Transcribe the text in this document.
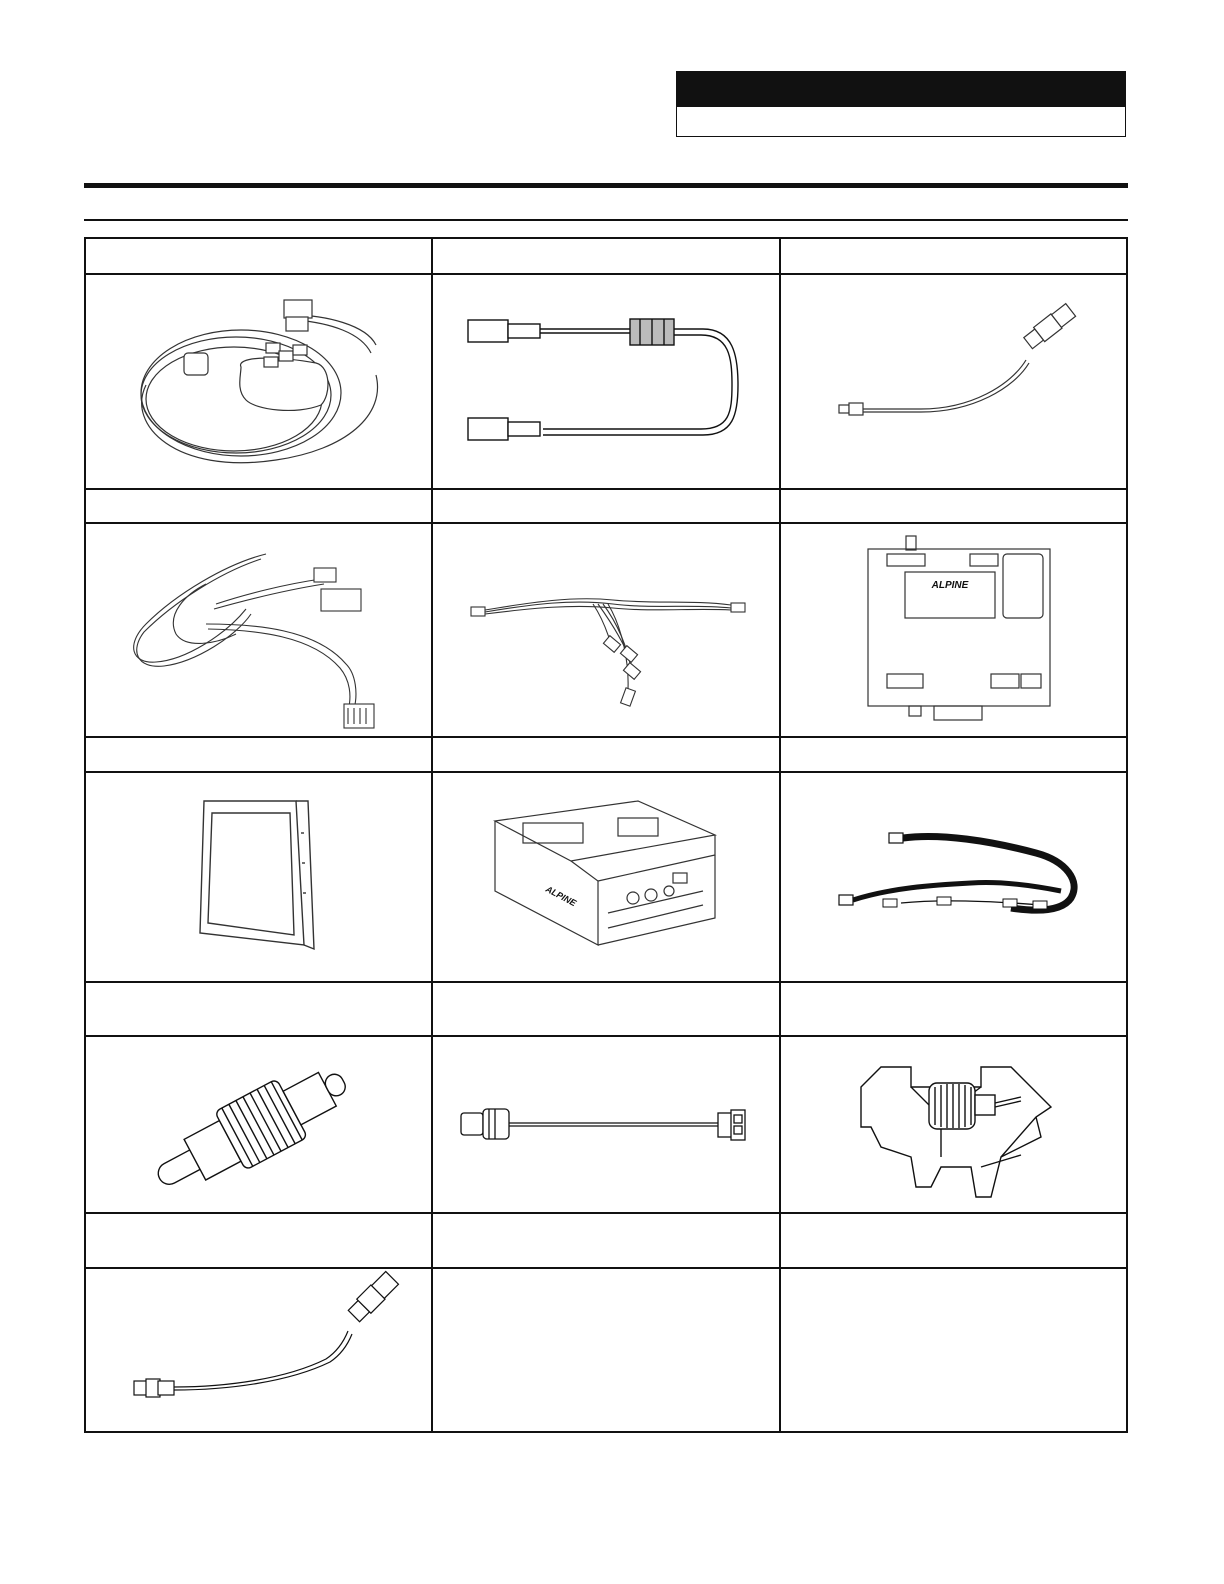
ALPINE
ALPINE
